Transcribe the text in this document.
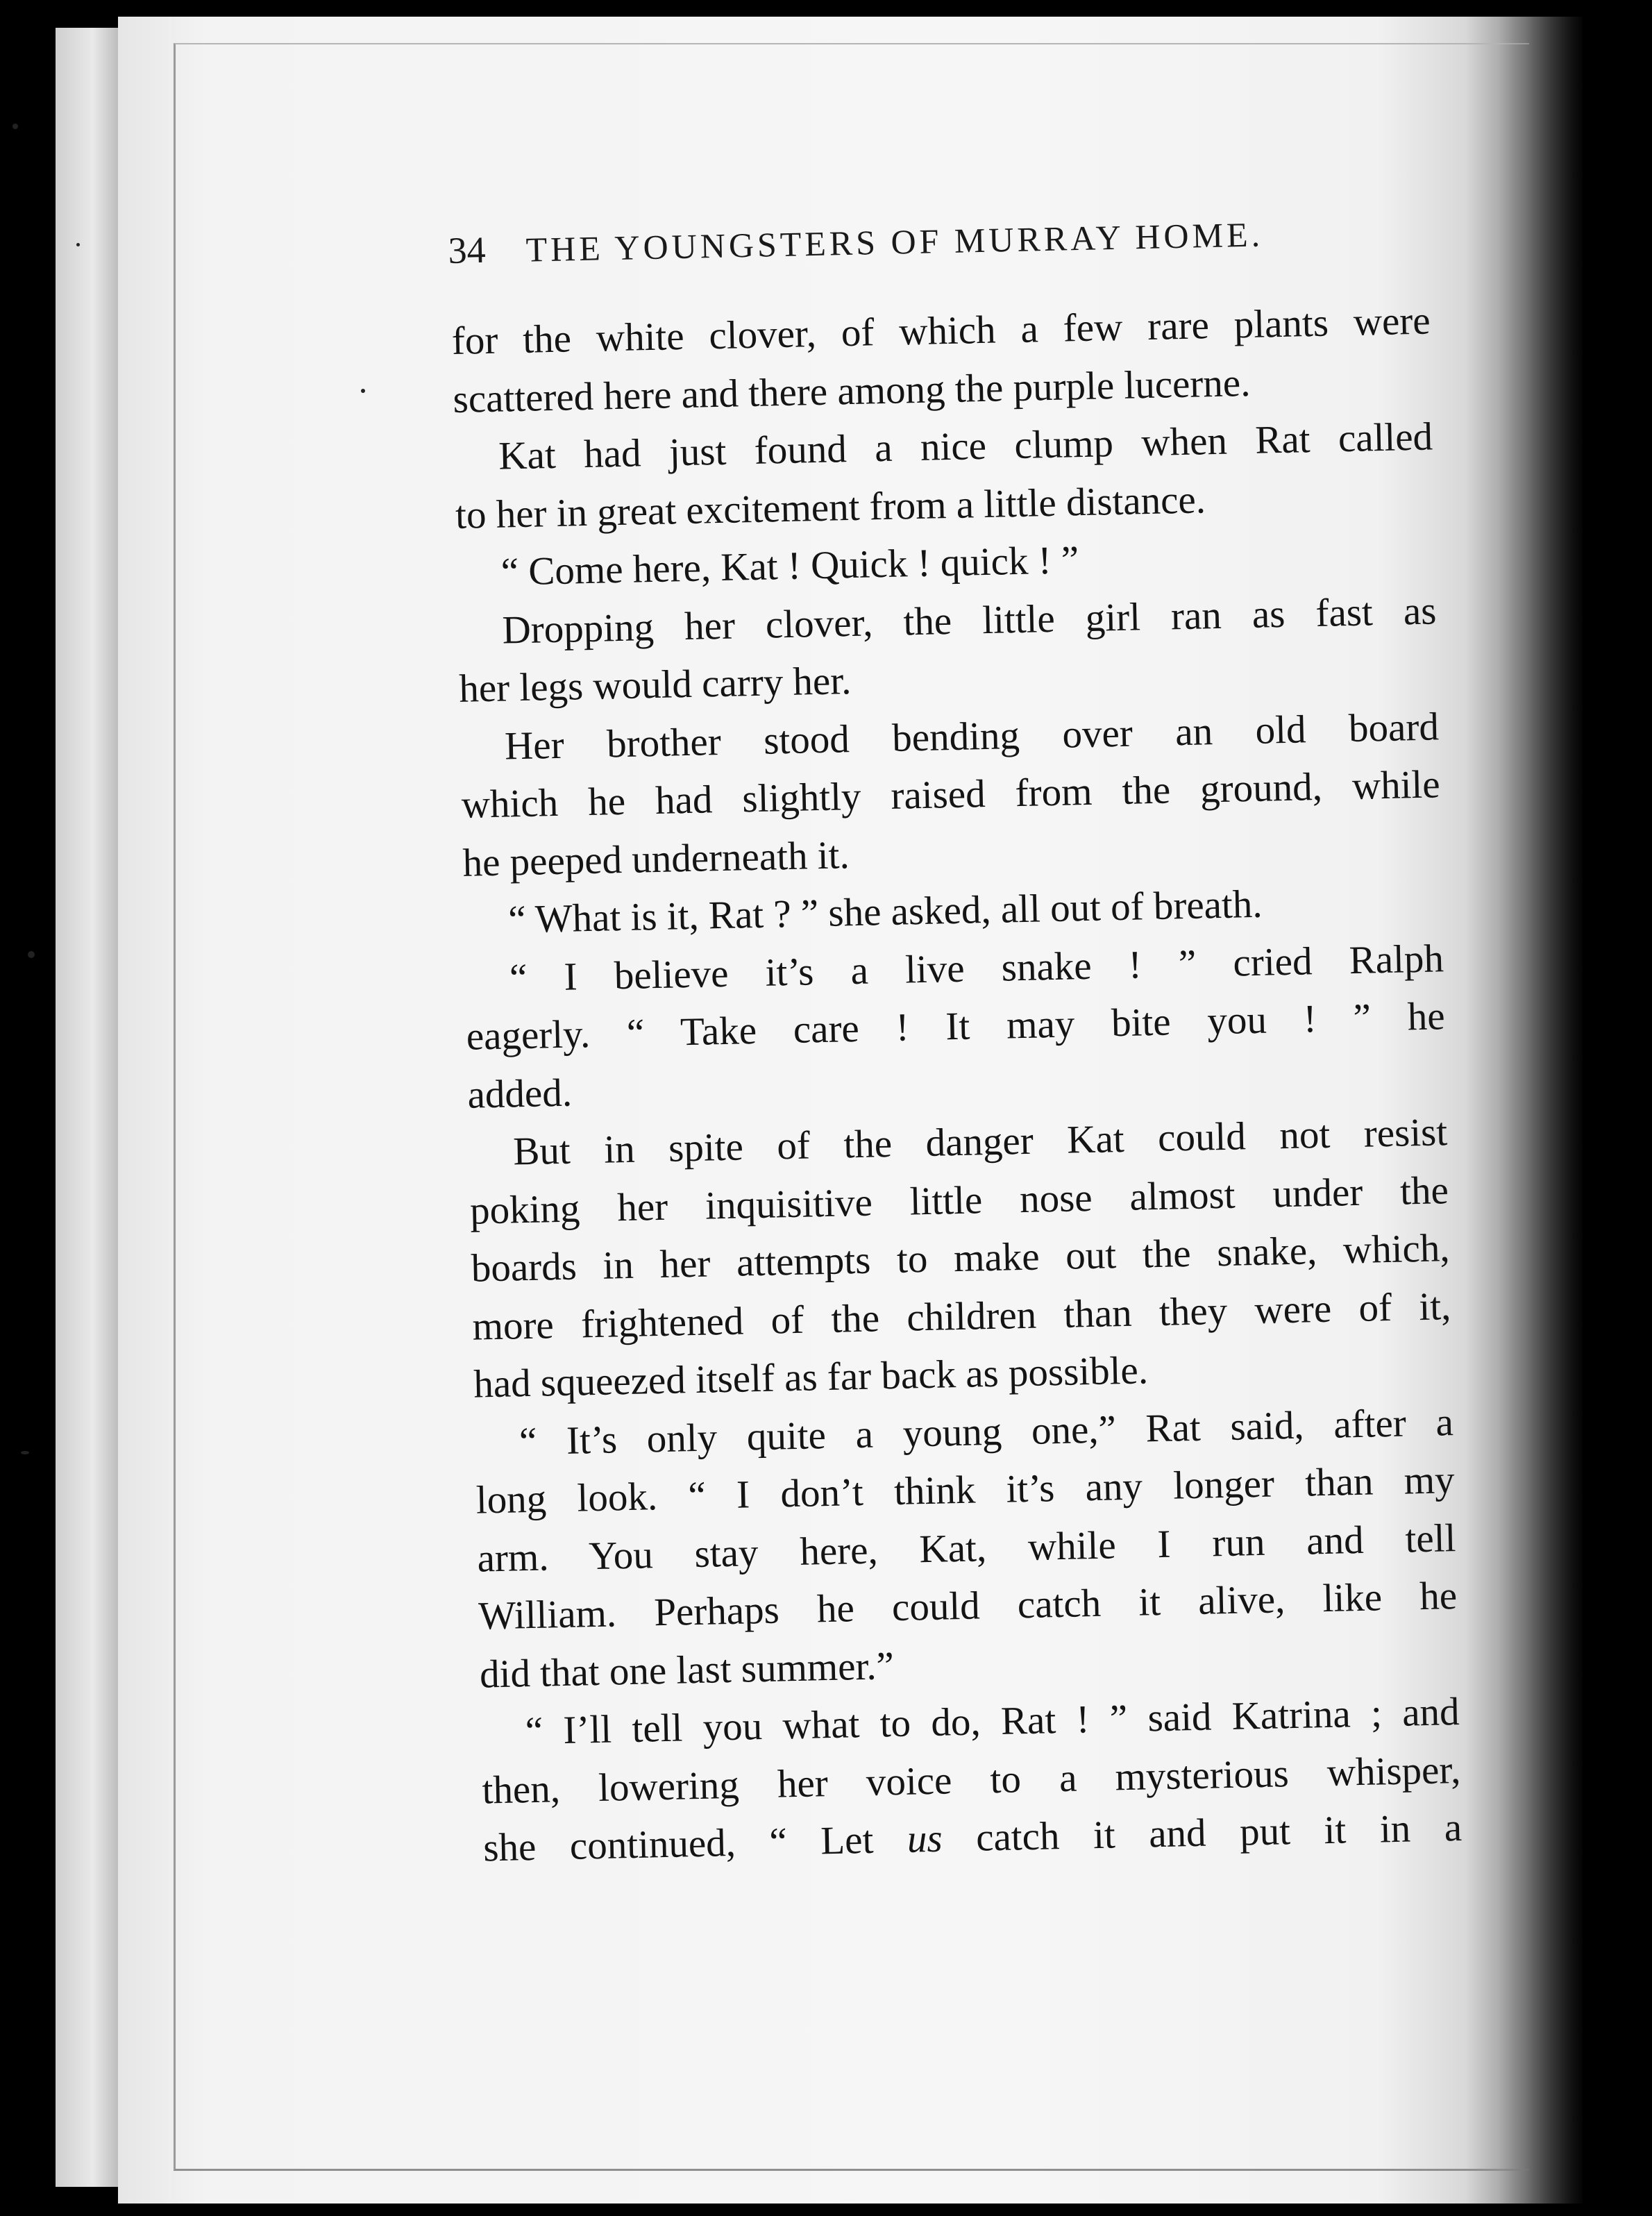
34 THE YOUNGSTERS OF MURRAY HOME.
for the white clover, of which a few rare plants were
scattered here and there among the purple lucerne.
Kat had just found a nice clump when Rat called
to her in great excitement from a little distance.
“ Come here, Kat ! Quick ! quick ! ”
Dropping her clover, the little girl ran as fast as
her legs would carry her.
Her brother stood bending over an old board
which he had slightly raised from the ground, while
he peeped underneath it.
“ What is it, Rat ? ” she asked, all out of breath.
“ I believe it’s a live snake ! ” cried Ralph
eagerly. “ Take care ! It may bite you ! ” he
added.
But in spite of the danger Kat could not resist
poking her inquisitive little nose almost under the
boards in her attempts to make out the snake, which,
more frightened of the children than they were of it,
had squeezed itself as far back as possible.
“ It’s only quite a young one,” Rat said, after a
long look. “ I don’t think it’s any longer than my
arm. You stay here, Kat, while I run and tell
William. Perhaps he could catch it alive, like he
did that one last summer.”
“ I’ll tell you what to do, Rat ! ” said Katrina ; and
then, lowering her voice to a mysterious whisper,
she continued, “ Let us catch it and put it in a
